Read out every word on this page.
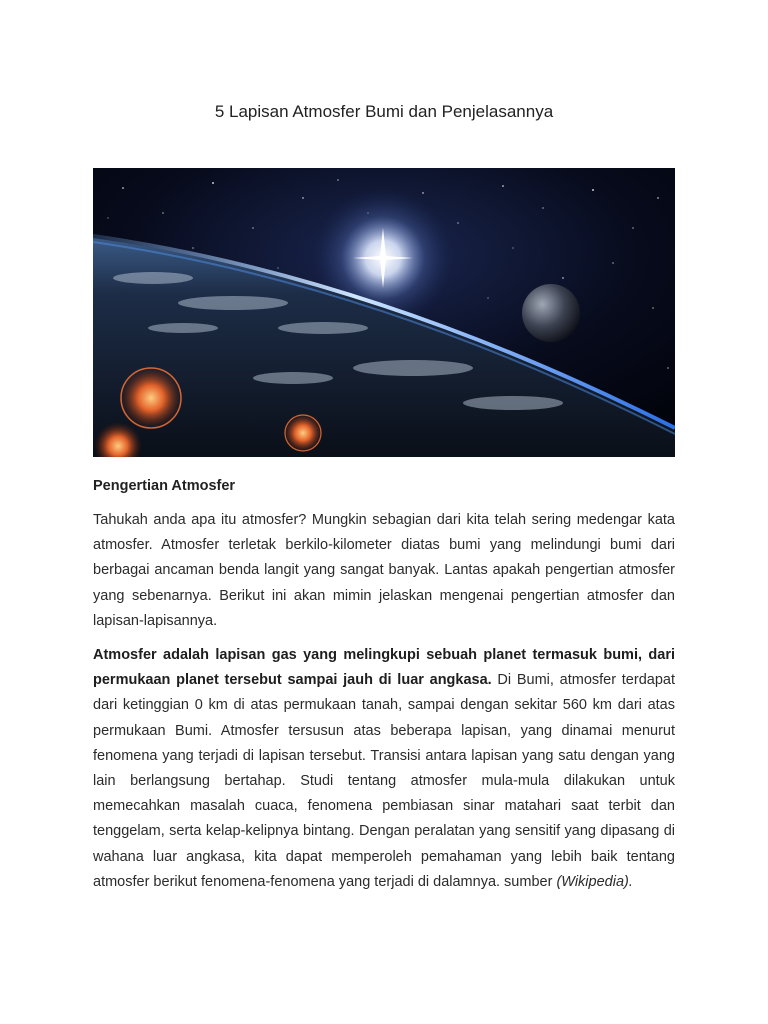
5 Lapisan Atmosfer Bumi dan Penjelasannya
Pengertian Atmosfer

Tahukah anda apa itu atmosfer? Mungkin sebagian dari kita telah sering medengar kata atmosfer. Atmosfer terletak berkilo-kilometer diatas bumi yang melindungi bumi dari berbagai ancaman benda langit yang sangat banyak. Lantas apakah pengertian atmosfer yang sebenarnya. Berikut ini akan mimin jelaskan mengenai pengertian atmosfer dan lapisan-lapisannya.

Atmosfer adalah lapisan gas yang melingkupi sebuah planet termasuk bumi, dari permukaan planet tersebut sampai jauh di luar angkasa. Di Bumi, atmosfer terdapat dari ketinggian 0 km di atas permukaan tanah, sampai dengan sekitar 560 km dari atas permukaan Bumi. Atmosfer tersusun atas beberapa lapisan, yang dinamai menurut fenomena yang terjadi di lapisan tersebut. Transisi antara lapisan yang satu dengan yang lain berlangsung bertahap. Studi tentang atmosfer mula-mula dilakukan untuk memecahkan masalah cuaca, fenomena pembiasan sinar matahari saat terbit dan tenggelam, serta kelap-kelipnya bintang. Dengan peralatan yang sensitif yang dipasang di wahana luar angkasa, kita dapat memperoleh pemahaman yang lebih baik tentang atmosfer berikut fenomena-fenomena yang terjadi di dalamnya. sumber (Wikipedia).
